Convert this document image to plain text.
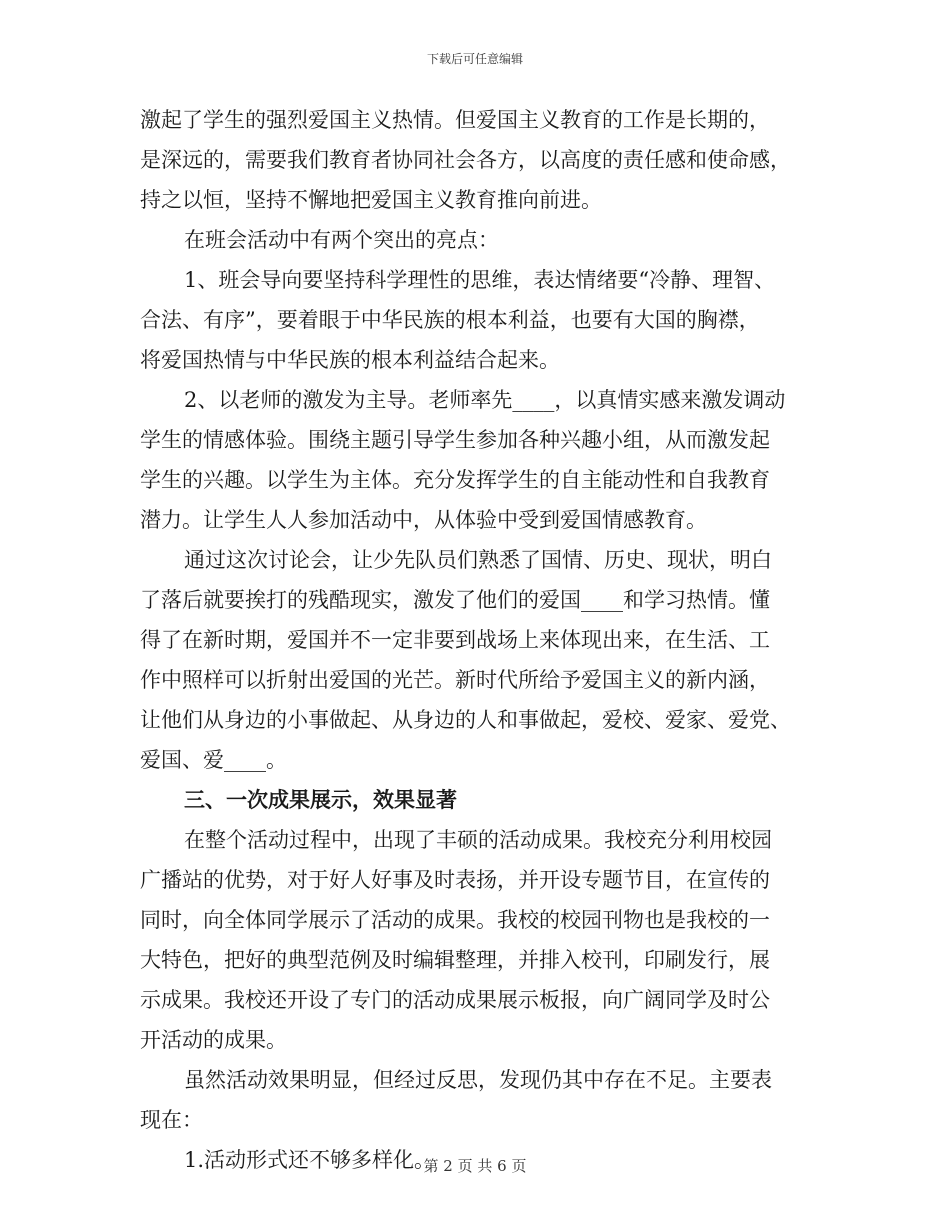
下载后可任意编辑
激起了学生的强烈爱国主义热情。但爱国主义教育的工作是长期的，
是深远的，需要我们教育者协同社会各方，以高度的责任感和使命感，
持之以恒，坚持不懈地把爱国主义教育推向前进。
在班会活动中有两个突出的亮点：
1、班会导向要坚持科学理性的思维，表达情绪要“冷静、理智、
合法、有序”，要着眼于中华民族的根本利益，也要有大国的胸襟，
将爱国热情与中华民族的根本利益结合起来。
2、以老师的激发为主导。老师率先____，以真情实感来激发调动
学生的情感体验。围绕主题引导学生参加各种兴趣小组，从而激发起
学生的兴趣。以学生为主体。充分发挥学生的自主能动性和自我教育
潜力。让学生人人参加活动中，从体验中受到爱国情感教育。
通过这次讨论会，让少先队员们熟悉了国情、历史、现状，明白
了落后就要挨打的残酷现实，激发了他们的爱国____和学习热情。懂
得了在新时期，爱国并不一定非要到战场上来体现出来，在生活、工
作中照样可以折射出爱国的光芒。新时代所给予爱国主义的新内涵，
让他们从身边的小事做起、从身边的人和事做起，爱校、爱家、爱党、
爱国、爱____。
三、一次成果展示，效果显著
在整个活动过程中，出现了丰硕的活动成果。我校充分利用校园
广播站的优势，对于好人好事及时表扬，并开设专题节目，在宣传的
同时，向全体同学展示了活动的成果。我校的校园刊物也是我校的一
大特色，把好的典型范例及时编辑整理，并排入校刊，印刷发行，展
示成果。我校还开设了专门的活动成果展示板报，向广阔同学及时公
开活动的成果。
虽然活动效果明显，但经过反思，发现仍其中存在不足。主要表
现在：
1.活动形式还不够多样化。
第 2 页 共 6 页
